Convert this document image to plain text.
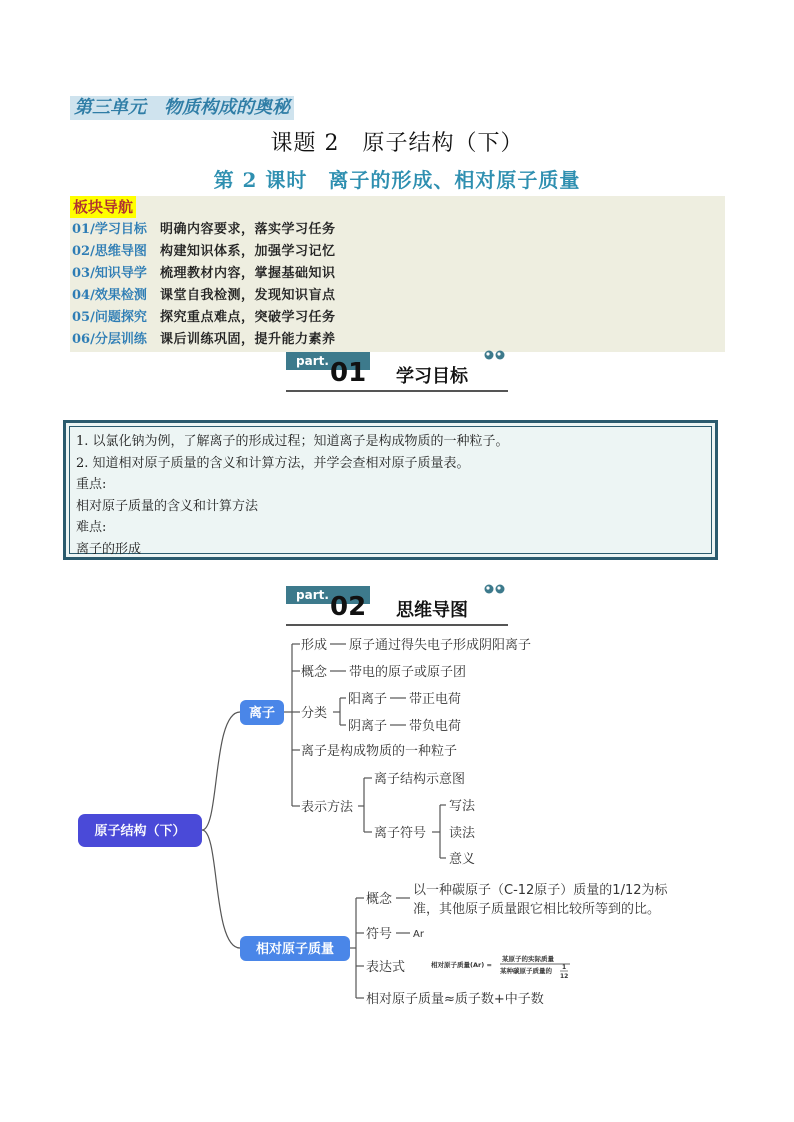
第三单元　物质构成的奥秘
课题 2　原子结构（下）
第 2 课时　离子的形成、相对原子质量
板块导航
01/学习目标 明确内容要求，落实学习任务
02/思维导图 构建知识体系，加强学习记忆
03/知识导学 梳理教材内容，掌握基础知识
04/效果检测 课堂自我检测，发现知识盲点
05/问题探究 探究重点难点，突破学习任务
06/分层训练 课后训练巩固，提升能力素养
part. 01 学习目标
1. 以氯化钠为例，了解离子的形成过程；知道离子是构成物质的一种粒子。
2. 知道相对原子质量的含义和计算方法，并学会查相对原子质量表。
重点:
相对原子质量的含义和计算方法
难点:
离子的形成
part. 02 思维导图
原子结构（下）
离子
相对原子质量
形成 原子通过得失电子形成阴阳离子
概念 带电的原子或原子团
分类
阳离子 带正电荷
阴离子 带负电荷
离子是构成物质的一种粒子
表示方法
离子结构示意图
离子符号
写法
读法
意义
概念
以一种碳原子（C-12原子）质量的1/12为标
准，其他原子质量跟它相比较所等到的比。
符号 Ar
表达式	相对原子质量(Ar) =
某原子的实际质量
某种碳原子质量的 1
12
相对原子质量≈质子数+中子数
